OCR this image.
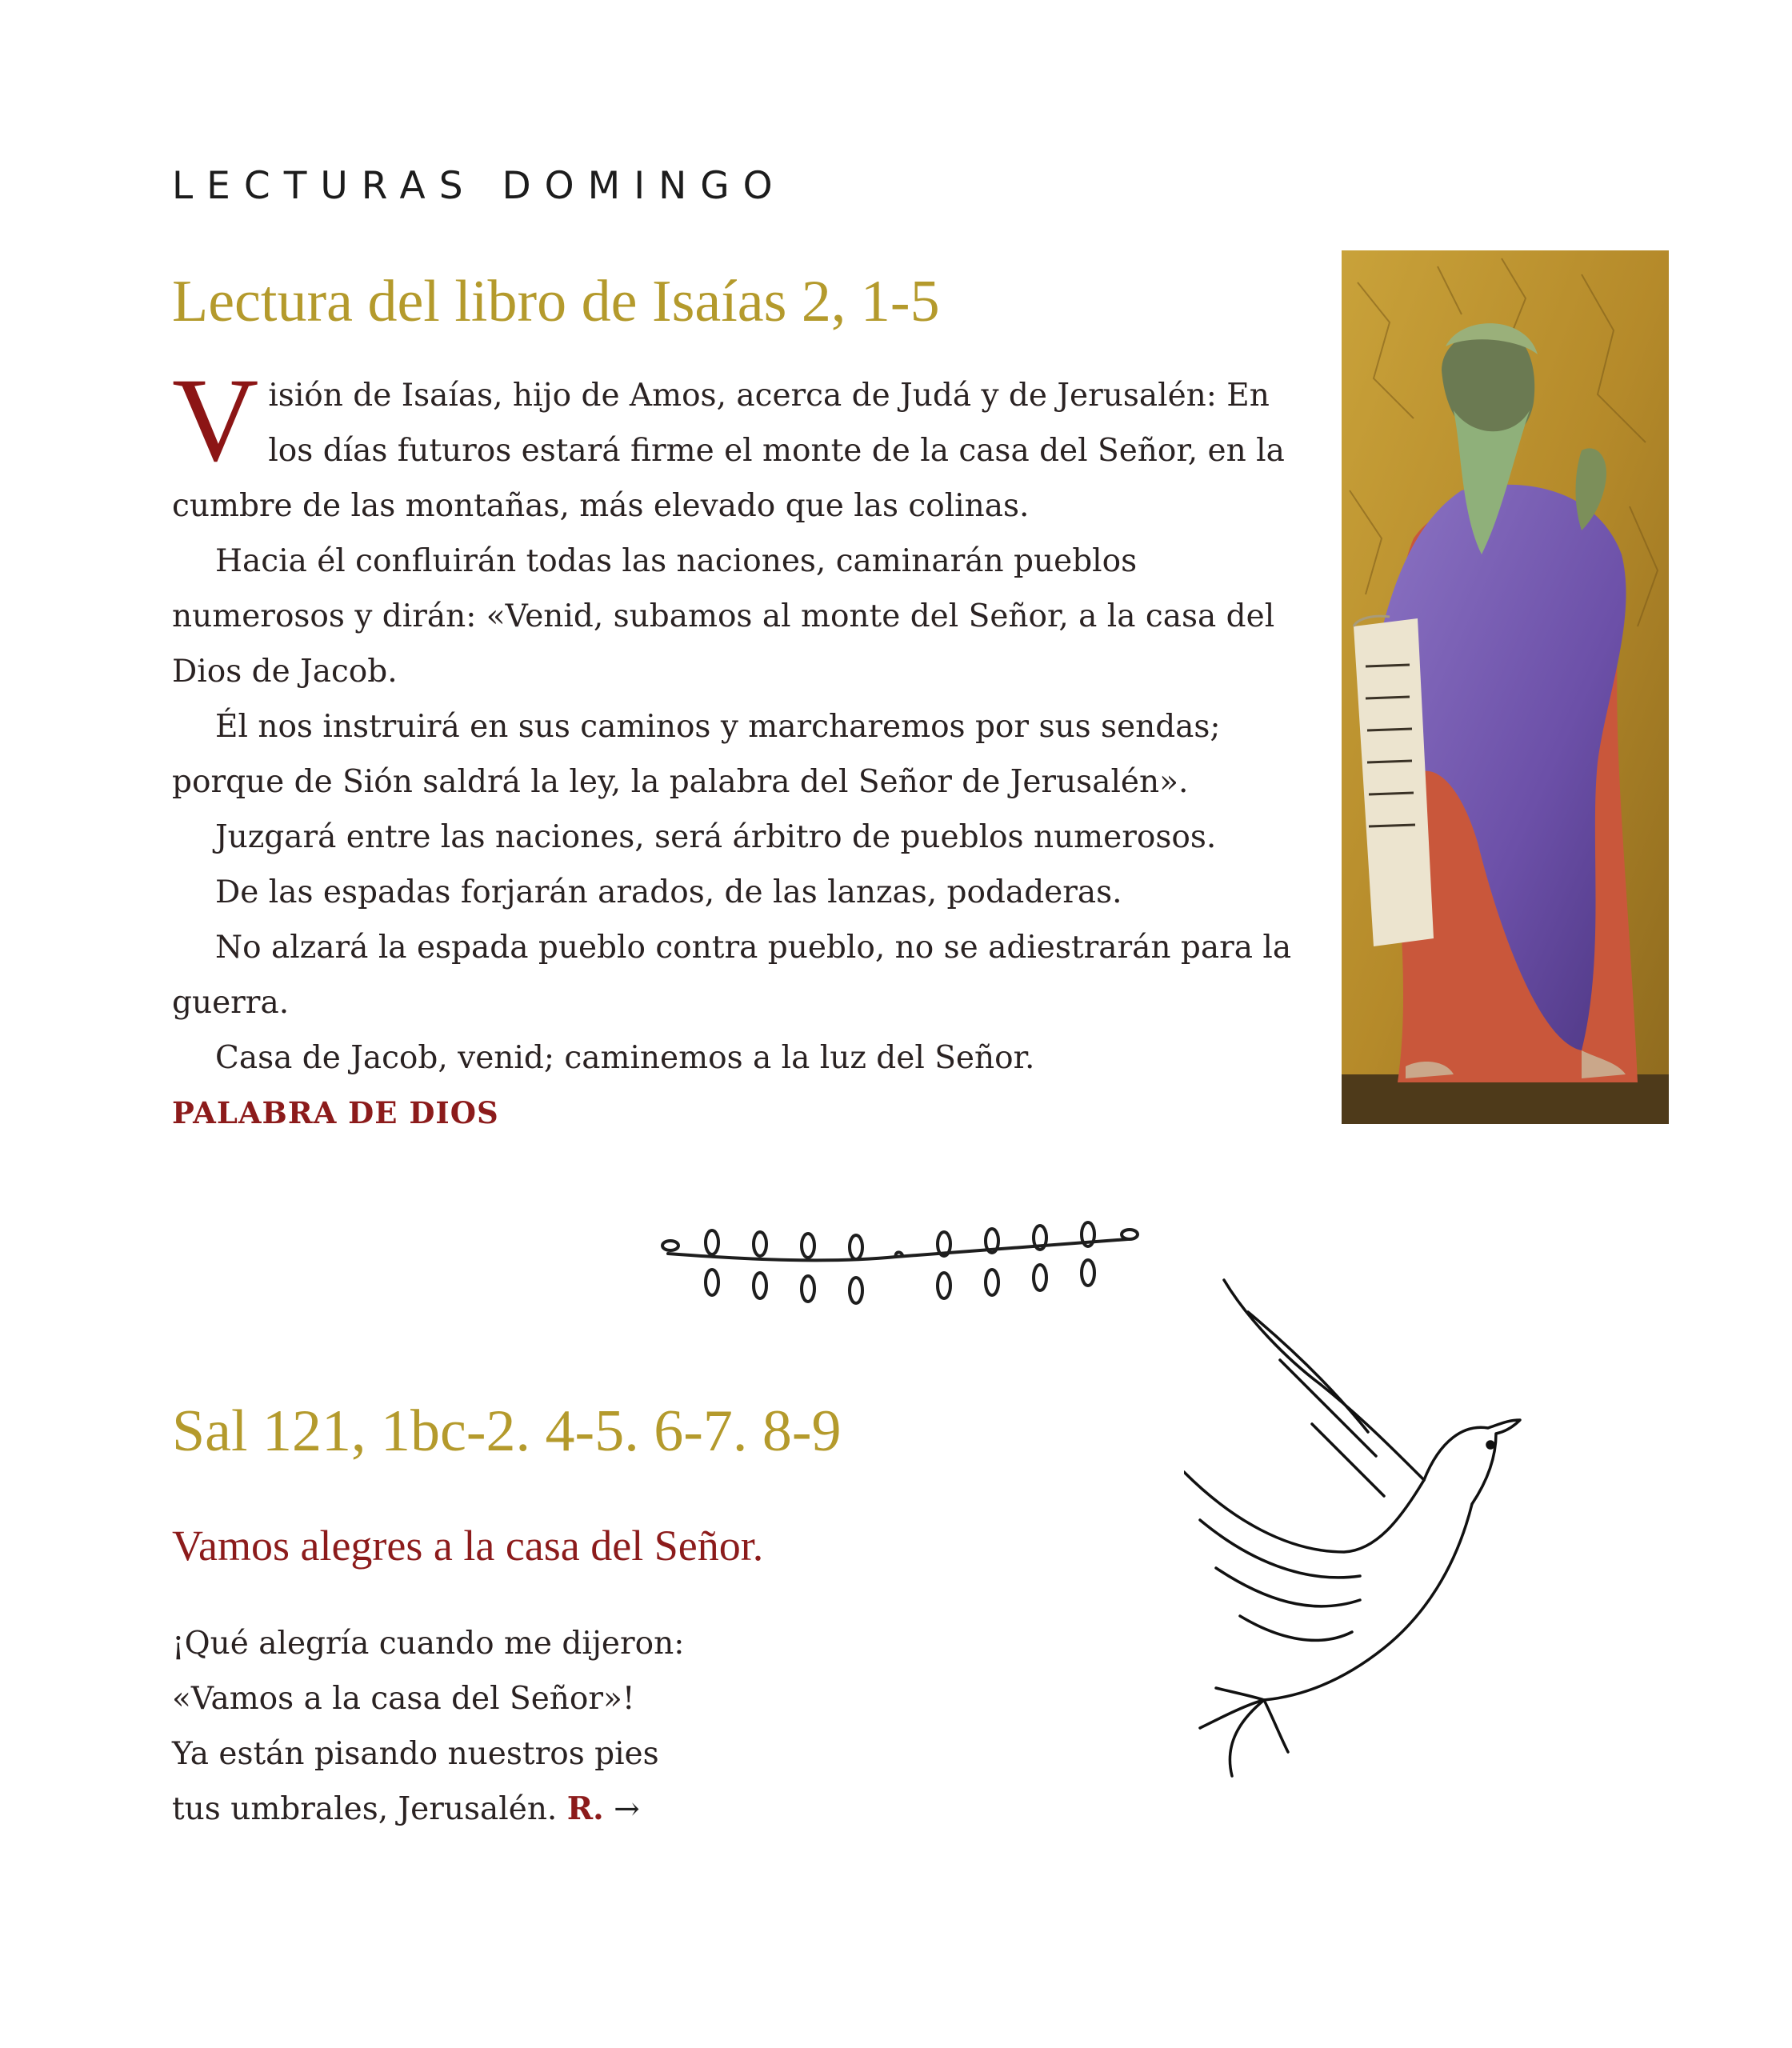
LECTURAS DOMINGO
Lectura del libro de Isaías 2, 1-5

Visión de Isaías, hijo de Amos, acerca de Judá y de Jerusalén: En los días futuros estará firme el monte de la casa del Señor, en la cumbre de las montañas, más elevado que las colinas.

Hacia él confluirán todas las naciones, caminarán pueblos numerosos y dirán: «Venid, subamos al monte del Señor, a la casa del Dios de Jacob.

Él nos instruirá en sus caminos y marcharemos por sus sendas; porque de Sión saldrá la ley, la palabra del Señor de Jerusalén».

Juzgará entre las naciones, será árbitro de pueblos numerosos.

De las espadas forjarán arados, de las lanzas, podaderas.

No alzará la espada pueblo contra pueblo, no se adiestrarán para la guerra.

Casa de Jacob, venid; caminemos a la luz del Señor.

PALABRA DE DIOS

Sal 121, 1bc-2. 4-5. 6-7. 8-9
Vamos alegres a la casa del Señor.
¡Qué alegría cuando me dijeron:
«Vamos a la casa del Señor»!
Ya están pisando nuestros pies
tus umbrales, Jerusalén. R. →
